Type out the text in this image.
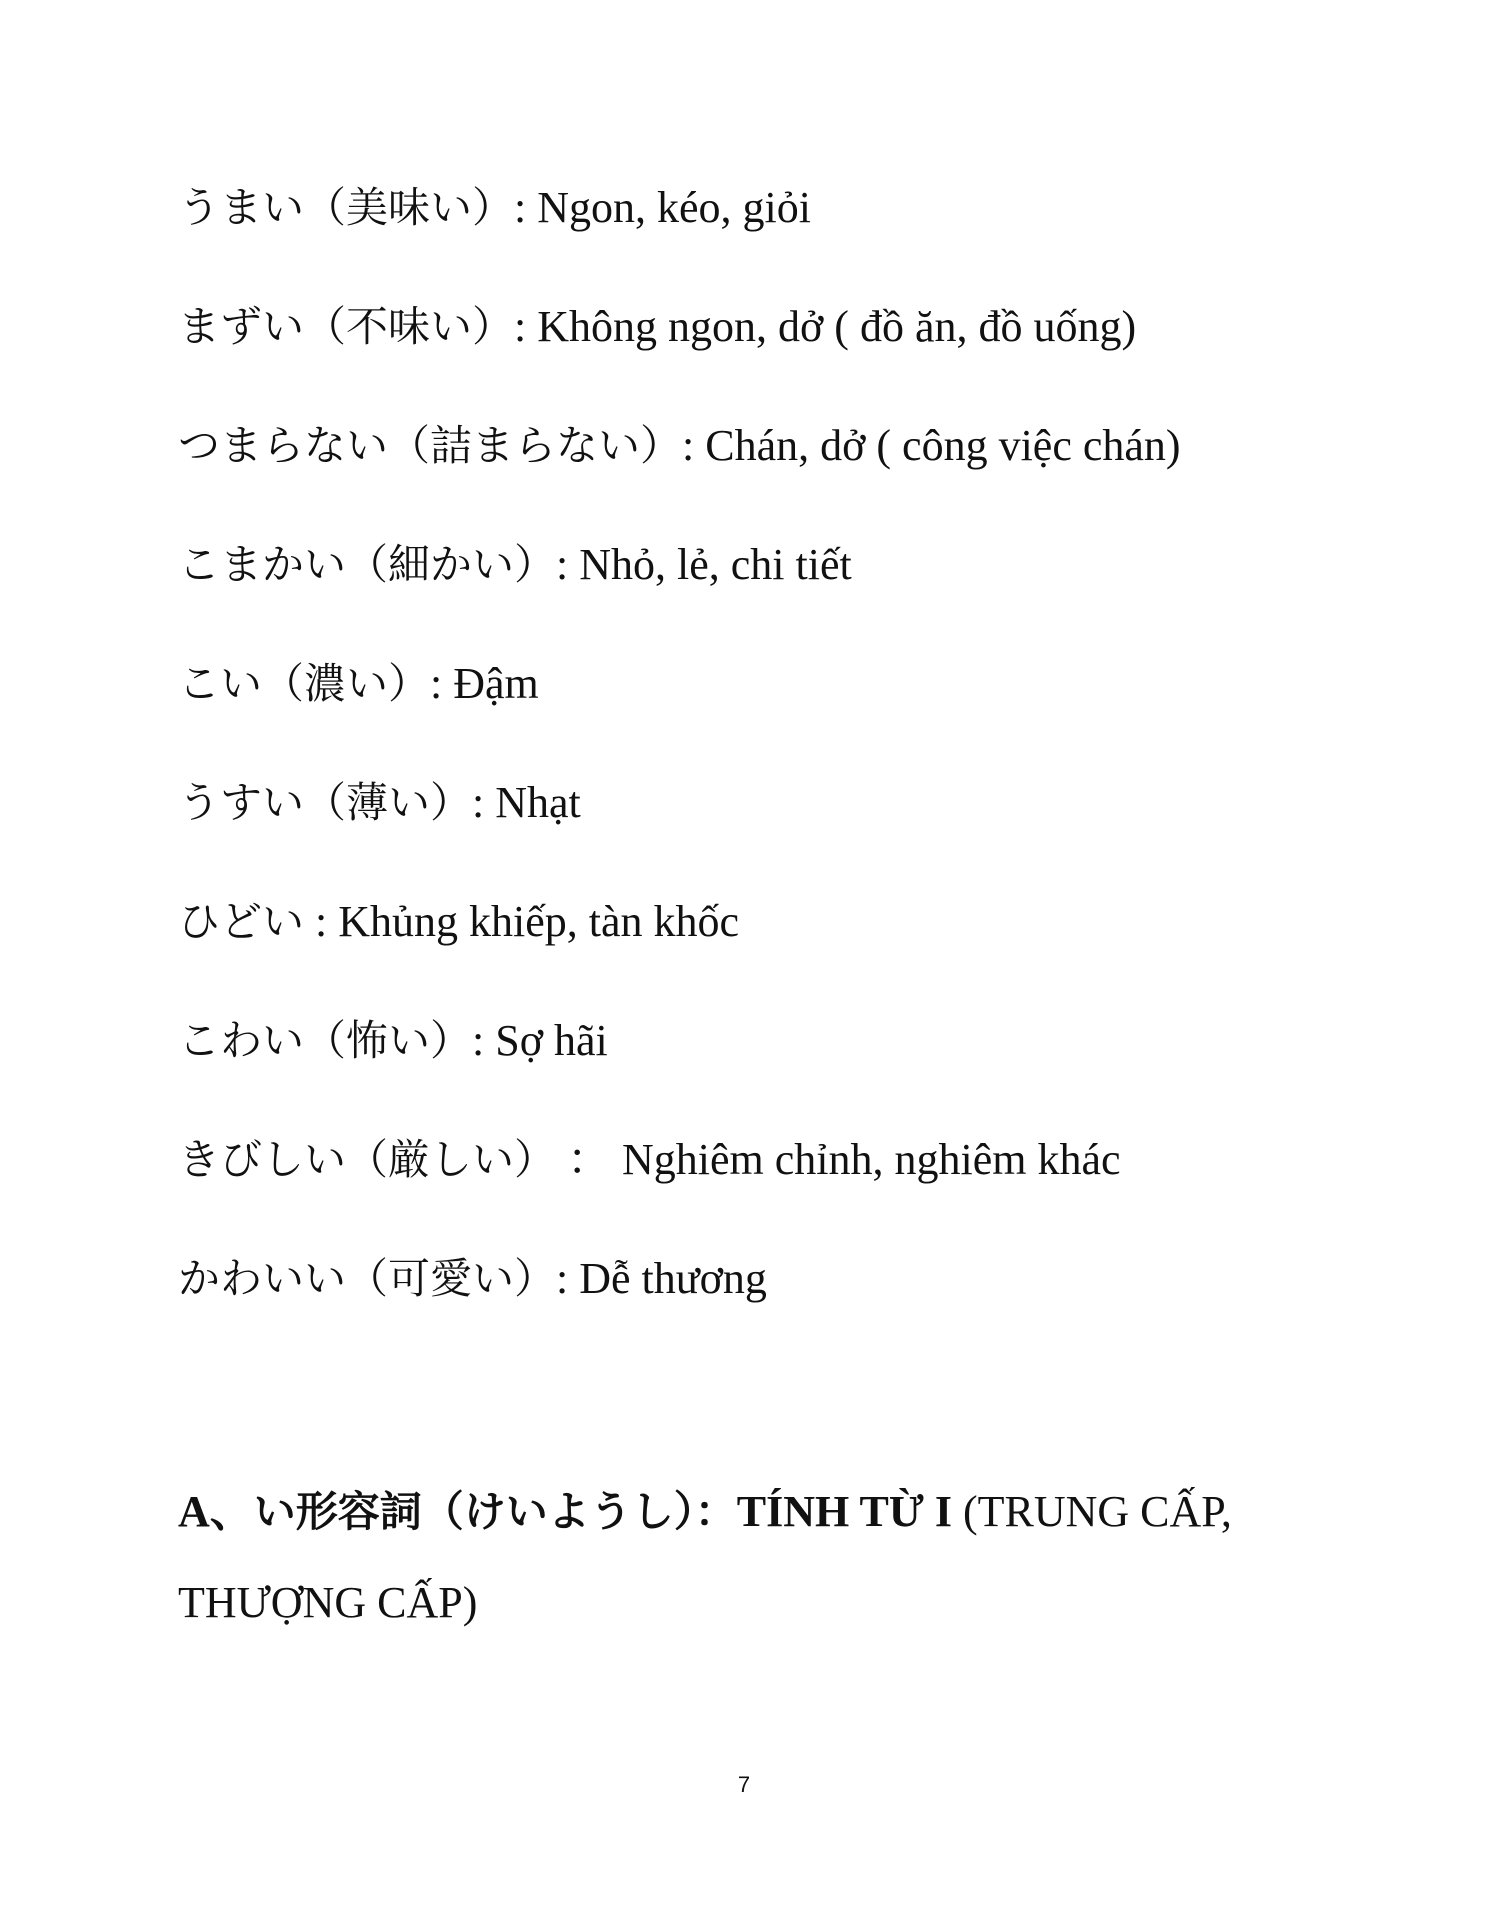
うまい（美味い）: Ngon, kéo, giỏi
まずい（不味い）: Không ngon, dở ( đồ ăn, đồ uống)
つまらない（詰まらない）: Chán, dở ( công việc chán)
こまかい（細かい）: Nhỏ, lẻ, chi tiết
こい（濃い）: Đậm
うすい（薄い）: Nhạt
ひどい : Khủng khiếp, tàn khốc
こわい（怖い）: Sợ hãi
きびしい（厳しい） ： Nghiêm chỉnh, nghiêm khác
かわいい（可愛い）: Dễ thương
A、い形容詞（けいようし）：TÍNH TỪ I (TRUNG CẤP, THƯỢNG CẤP)
7
